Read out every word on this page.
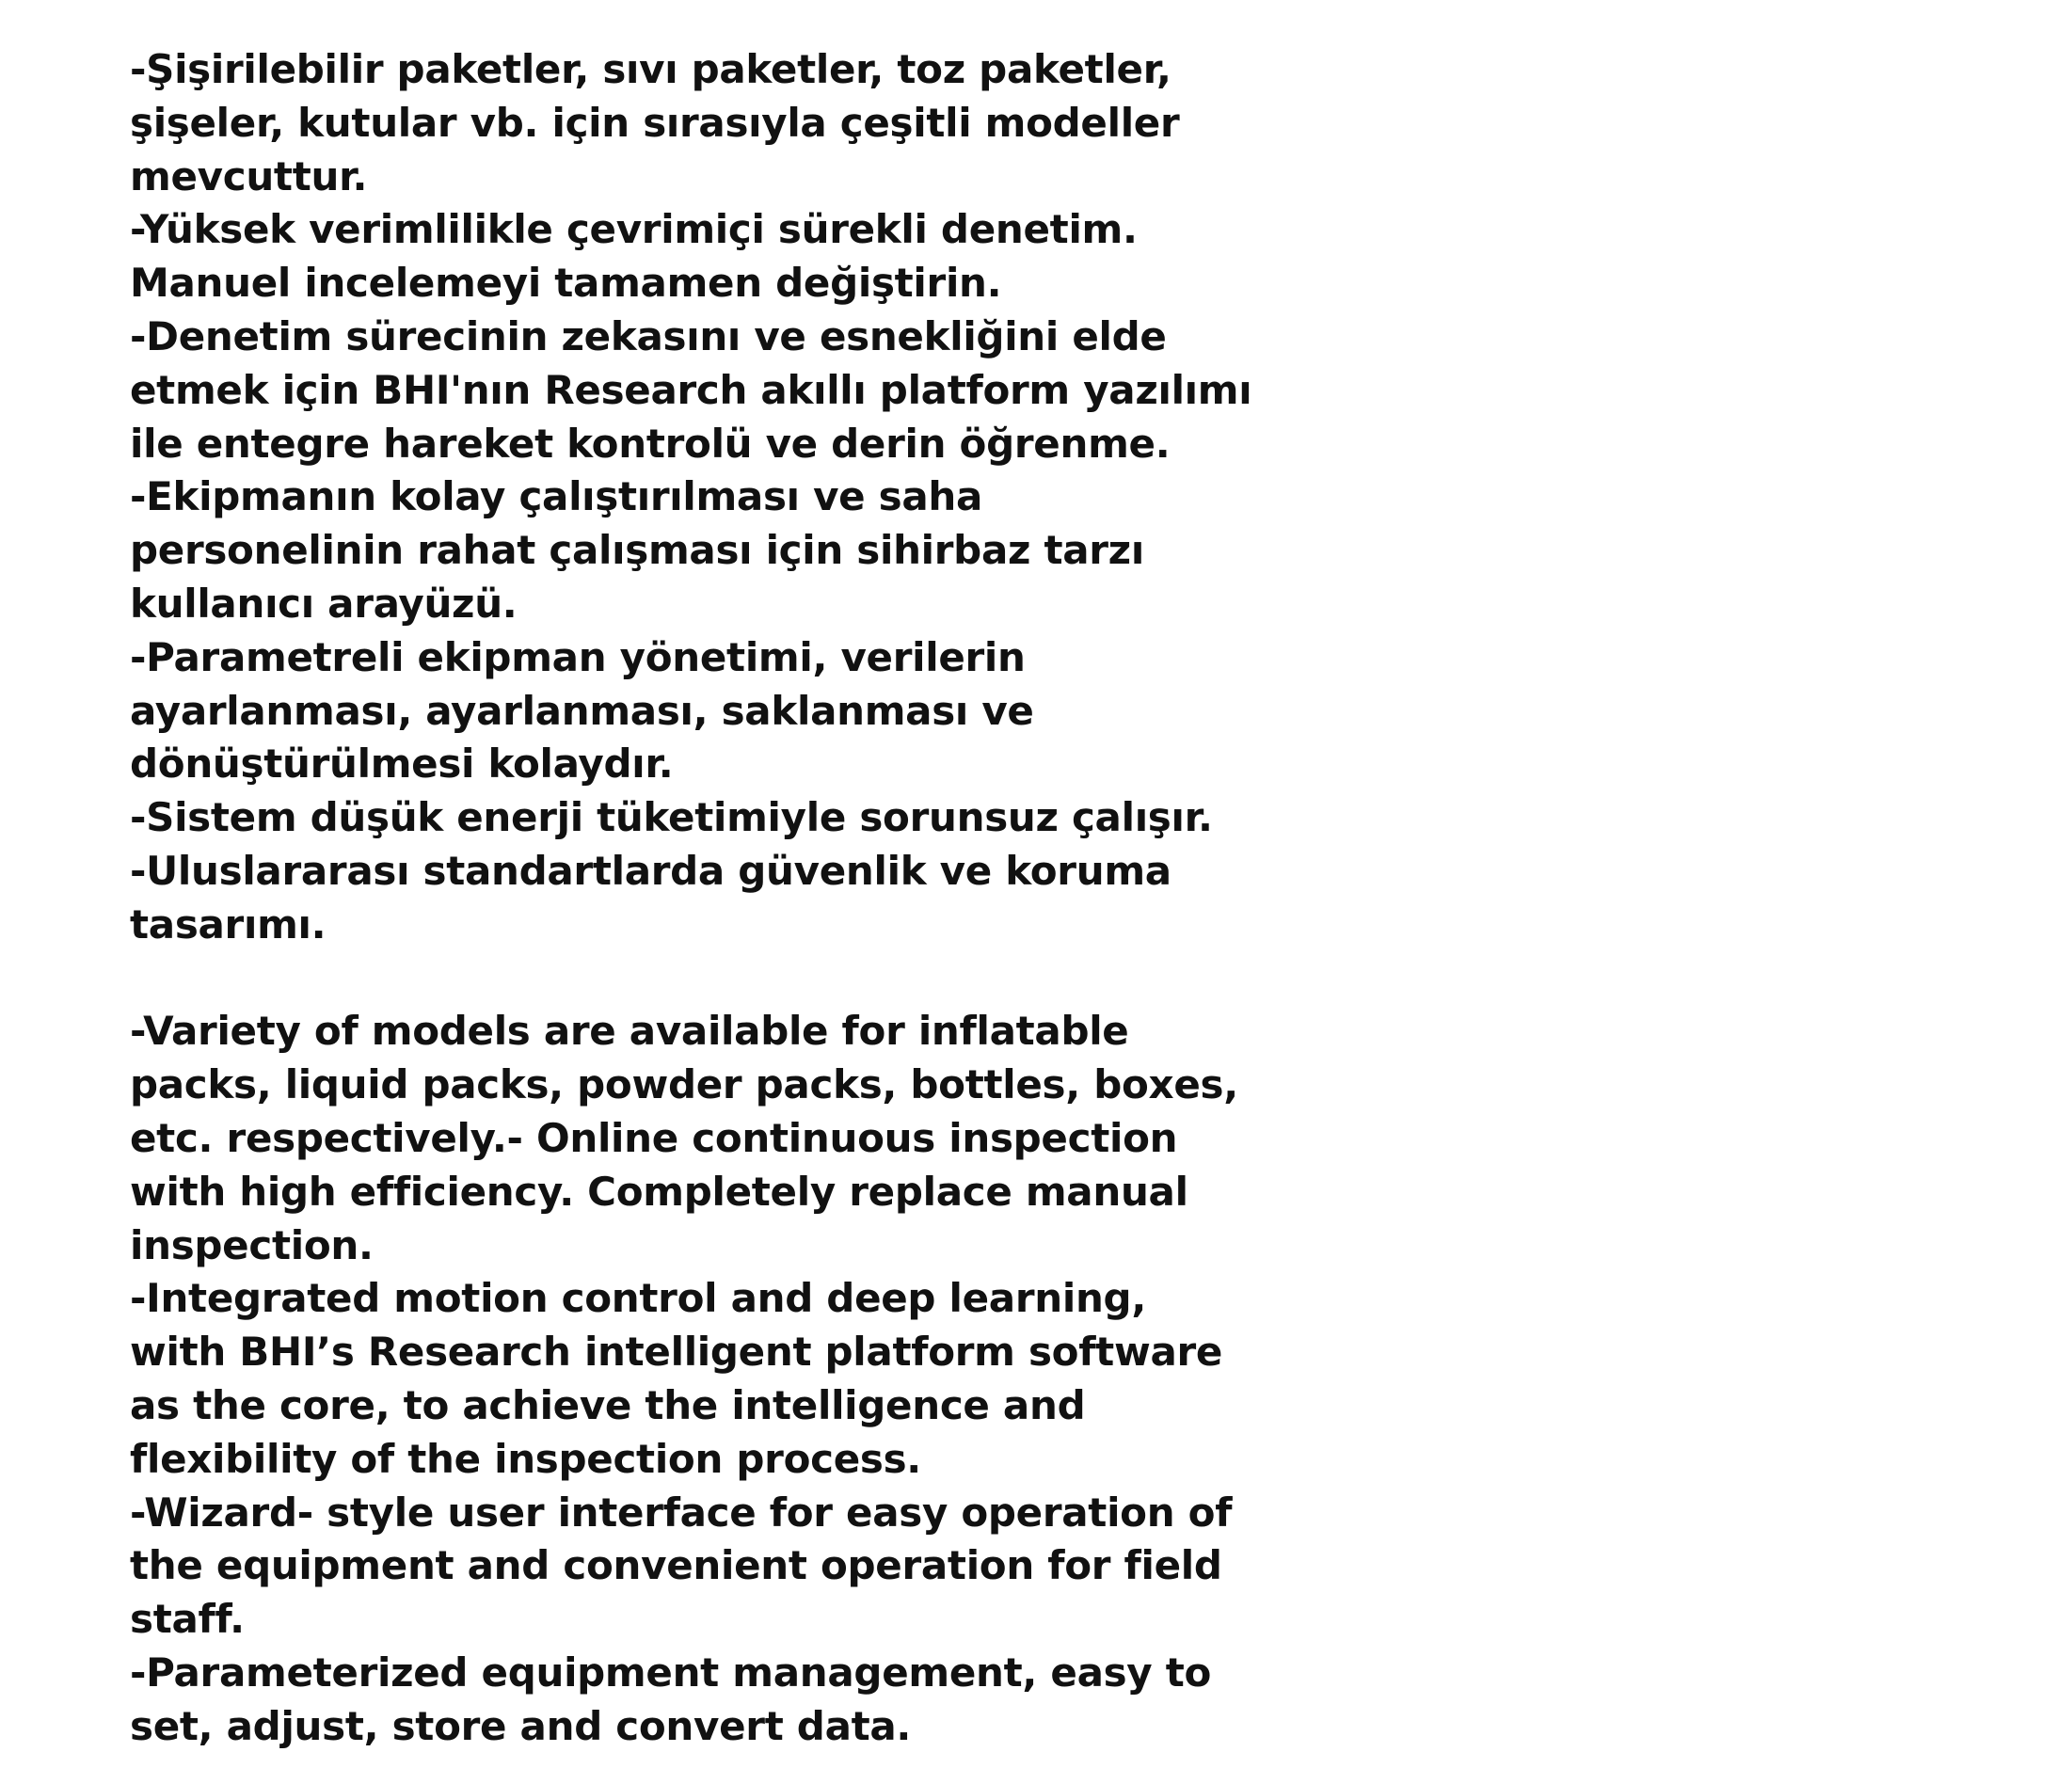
-Şişirilebilir paketler, sıvı paketler, toz paketler,

şişeler, kutular vb. için sırasıyla çeşitli modeller

mevcuttur.

-Yüksek verimlilikle çevrimiçi sürekli denetim.

Manuel incelemeyi tamamen değiştirin.

-Denetim sürecinin zekasını ve esnekliğini elde

etmek için BHI'nın Research akıllı platform yazılımı

ile entegre hareket kontrolü ve derin öğrenme.

-Ekipmanın kolay çalıştırılması ve saha

personelinin rahat çalışması için sihirbaz tarzı

kullanıcı arayüzü.

-Parametreli ekipman yönetimi, verilerin

ayarlanması, ayarlanması, saklanması ve

dönüştürülmesi kolaydır.

-Sistem düşük enerji tüketimiyle sorunsuz çalışır.

-Uluslararası standartlarda güvenlik ve koruma

tasarımı.

-Variety of models are available for inflatable

packs, liquid packs, powder packs, bottles, boxes,

etc. respectively.- Online continuous inspection

with high efficiency. Completely replace manual

inspection.

-Integrated motion control and deep learning,

with BHI’s Research intelligent platform software

as the core, to achieve the intelligence and

flexibility of the inspection process.

-Wizard- style user interface for easy operation of

the equipment and convenient operation for field

staff.

-Parameterized equipment management, easy to

set, adjust, store and convert data.
